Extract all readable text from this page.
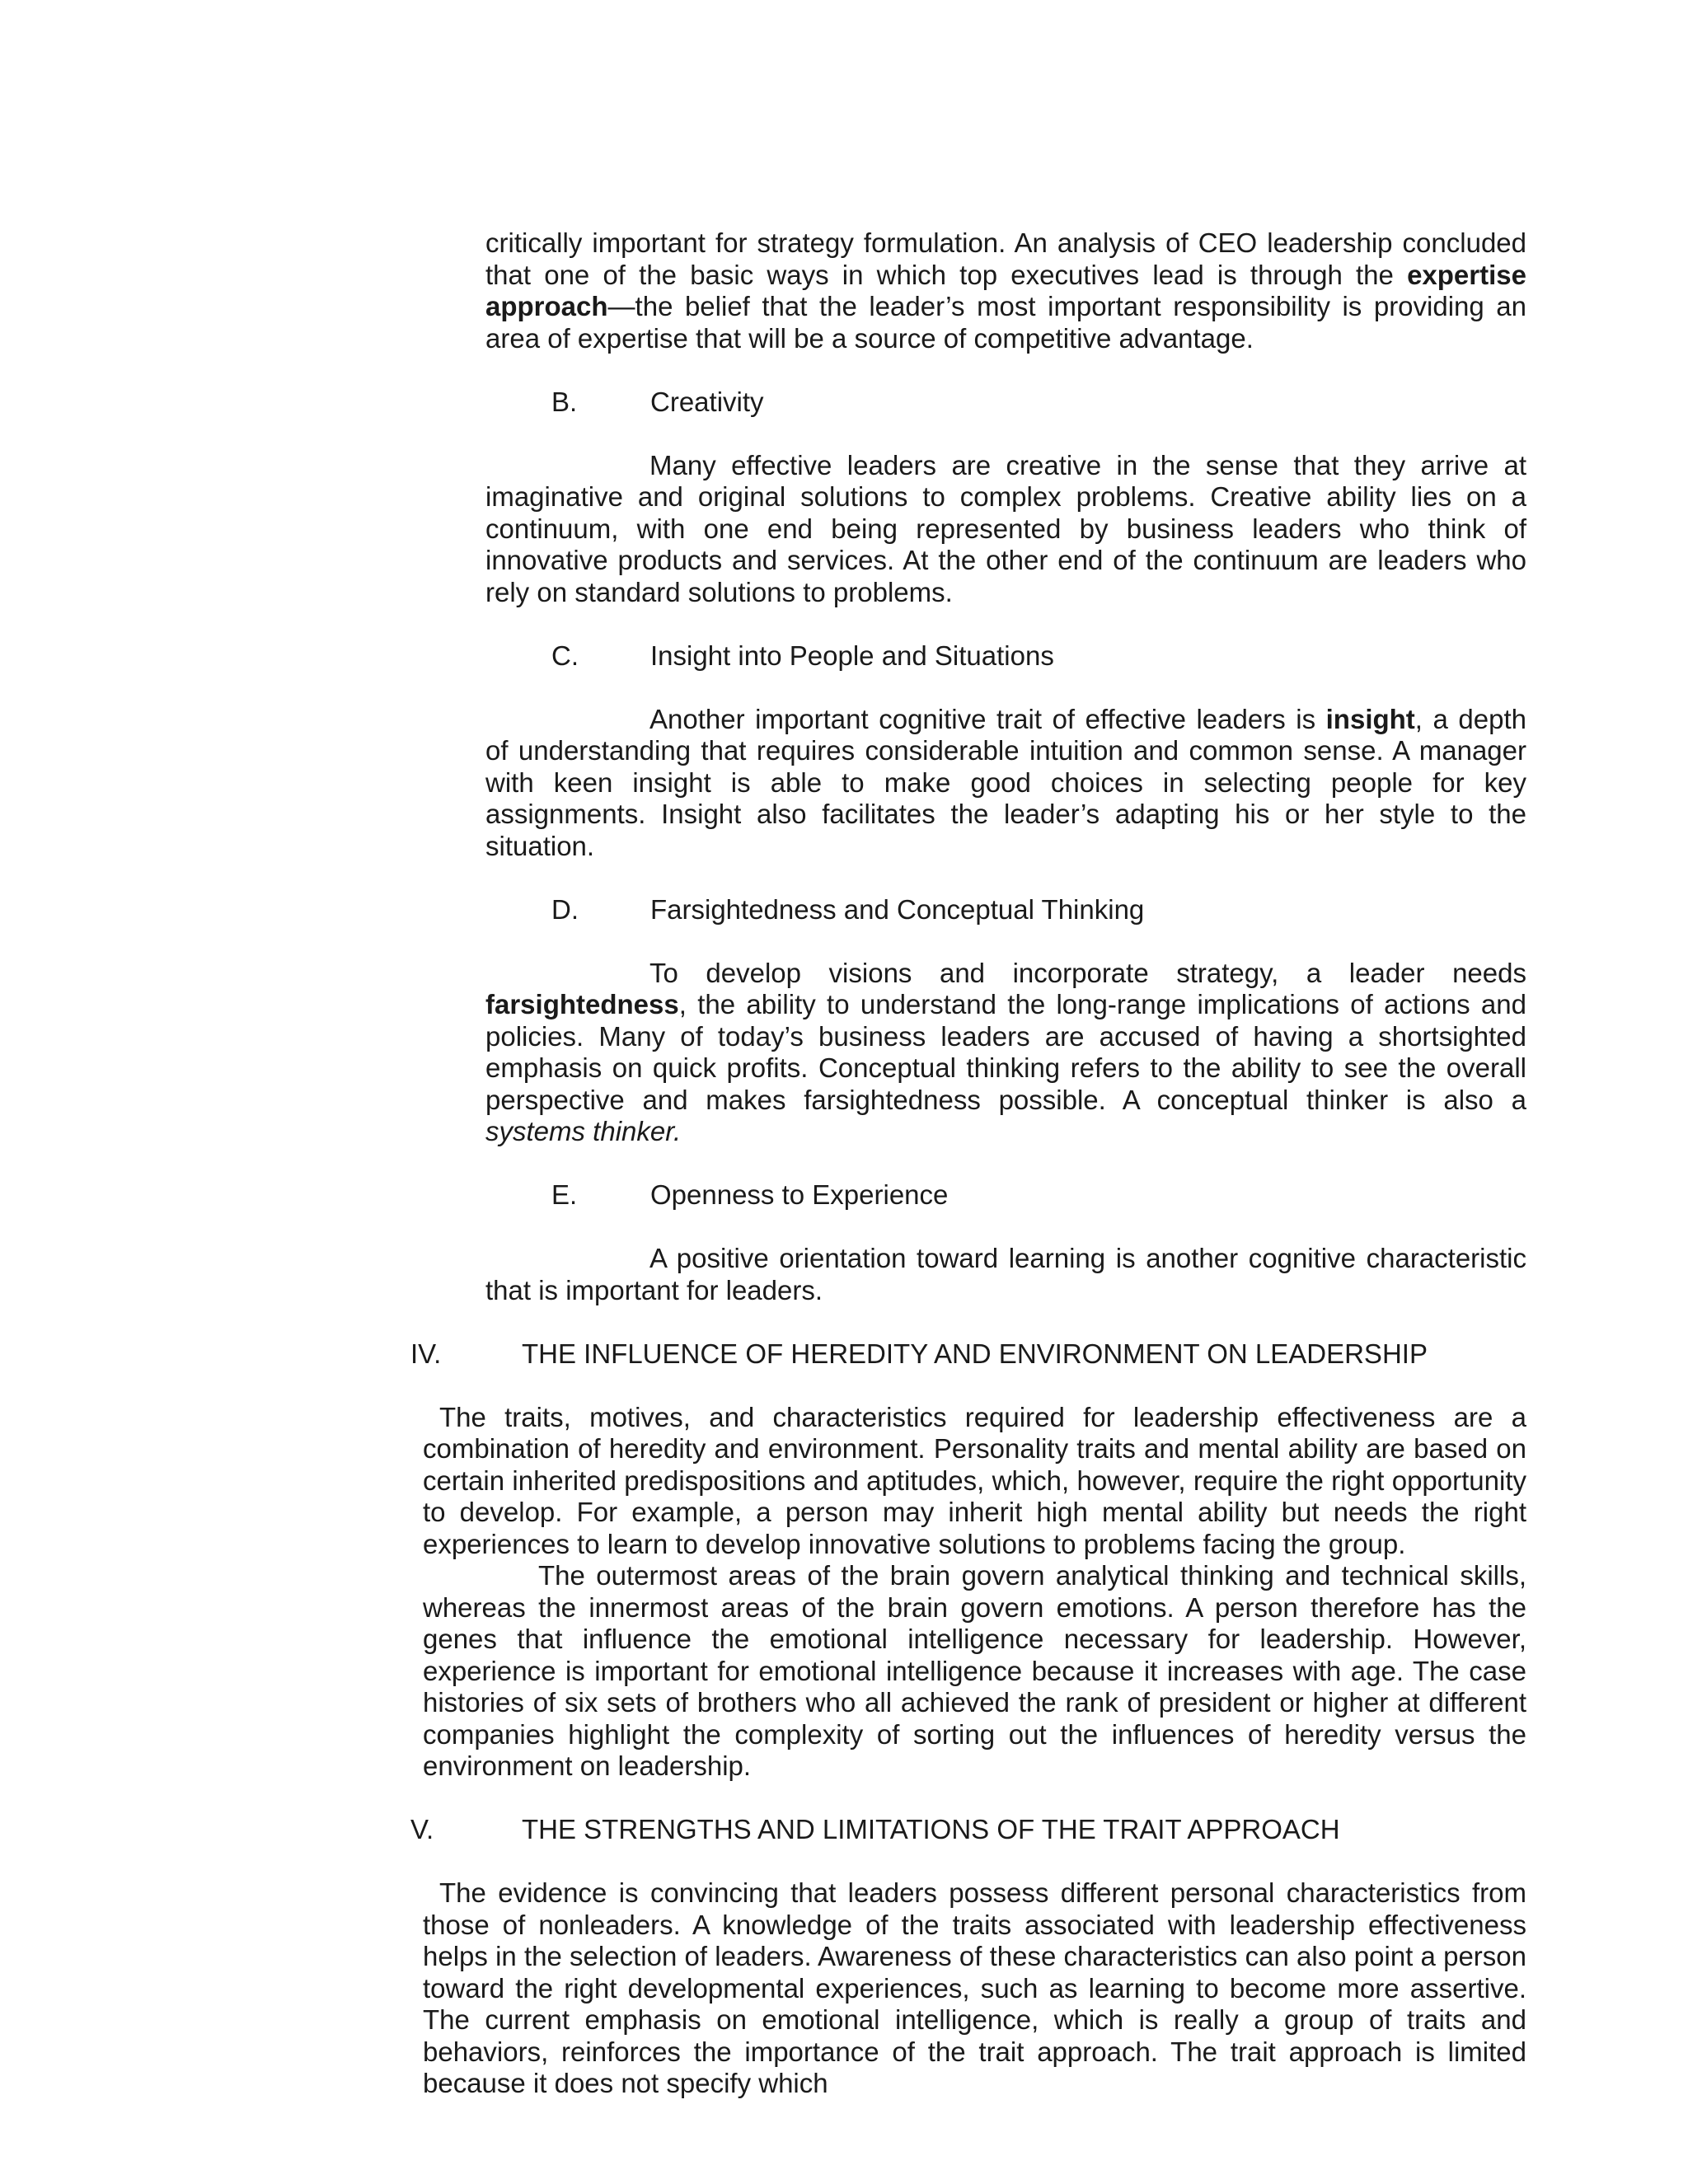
critically important for strategy formulation. An analysis of CEO leadership concluded that one of the basic ways in which top executives lead is through the expertise approach—the belief that the leader’s most important responsibility is providing an area of expertise that will be a source of competitive advantage.

B.	Creativity

Many effective leaders are creative in the sense that they arrive at imaginative and original solutions to complex problems. Creative ability lies on a continuum, with one end being represented by business leaders who think of innovative products and services. At the other end of the continuum are leaders who rely on standard solutions to problems.

C.	Insight into People and Situations

Another important cognitive trait of effective leaders is insight, a depth of understanding that requires considerable intuition and common sense. A manager with keen insight is able to make good choices in selecting people for key assignments. Insight also facilitates the leader’s adapting his or her style to the situation.

D.	Farsightedness and Conceptual Thinking

To develop visions and incorporate strategy, a leader needs farsightedness, the ability to understand the long-range implications of actions and policies. Many of today’s business leaders are accused of having a shortsighted emphasis on quick profits. Conceptual thinking refers to the ability to see the overall perspective and makes farsightedness possible. A conceptual thinker is also a systems thinker.

E.	Openness to Experience

A positive orientation toward learning is another cognitive characteristic that is important for leaders.

IV.	THE INFLUENCE OF HEREDITY AND ENVIRONMENT ON LEADERSHIP

The traits, motives, and characteristics required for leadership effectiveness are a combination of heredity and environment. Personality traits and mental ability are based on certain inherited predispositions and aptitudes, which, however, require the right opportunity to develop. For example, a person may inherit high mental ability but needs the right experiences to learn to develop innovative solutions to problems facing the group.

The outermost areas of the brain govern analytical thinking and technical skills, whereas the innermost areas of the brain govern emotions. A person therefore has the genes that influence the emotional intelligence necessary for leadership. However, experience is important for emotional intelligence because it increases with age. The case histories of six sets of brothers who all achieved the rank of president or higher at different companies highlight the complexity of sorting out the influences of heredity versus the environment on leadership.

V.	THE STRENGTHS AND LIMITATIONS OF THE TRAIT APPROACH

The evidence is convincing that leaders possess different personal characteristics from those of nonleaders. A knowledge of the traits associated with leadership effectiveness helps in the selection of leaders. Awareness of these characteristics can also point a person toward the right developmental experiences, such as learning to become more assertive. The current emphasis on emotional intelligence, which is really a group of traits and behaviors, reinforces the importance of the trait approach. The trait approach is limited because it does not specify which
